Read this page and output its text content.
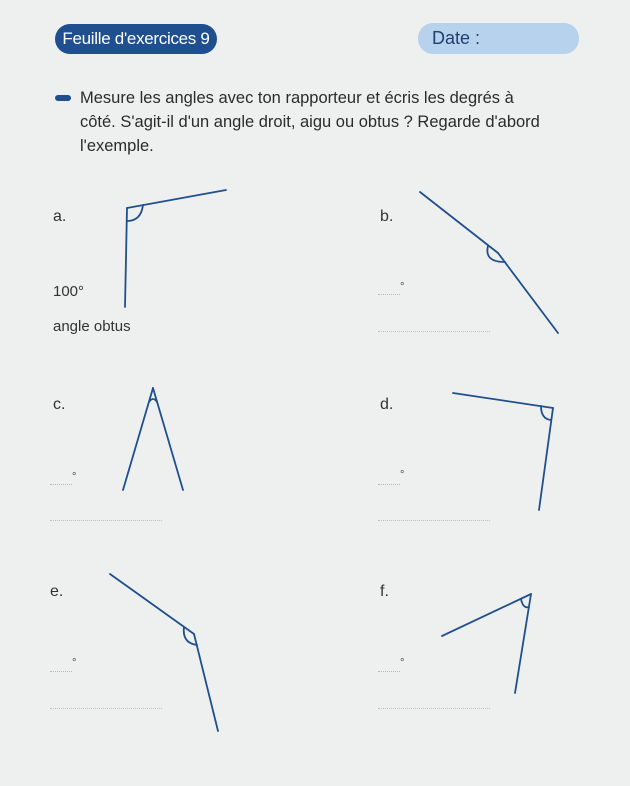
Feuille d'exercices 9	Date :
Mesure les angles avec ton rapporteur et écris les degrés à côté. S'agit-il d'un angle droit, aigu ou obtus ? Regarde d'abord l'exemple.
a.
100°
angle obtus
b.
°
c.
°
d.
°
e.
°
f.
°
